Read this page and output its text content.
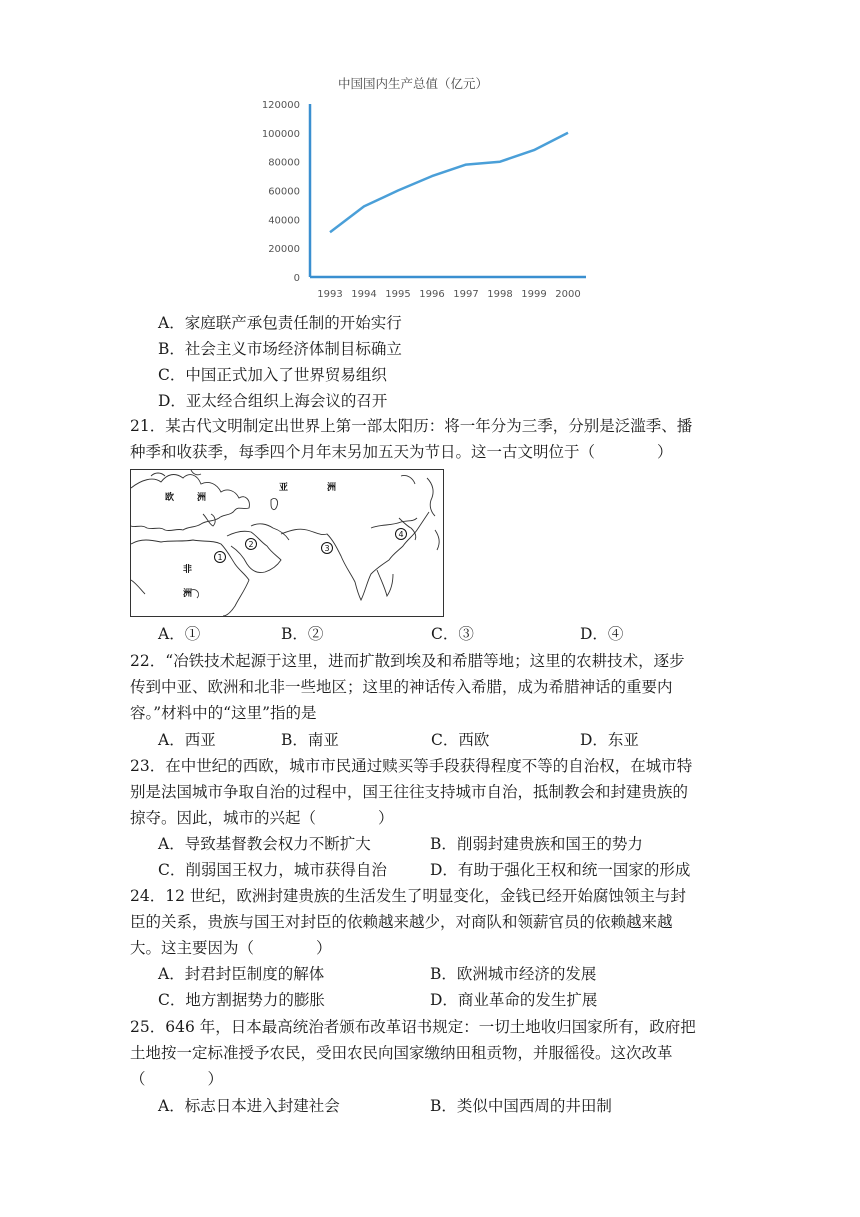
中国国内生产总值（亿元）
0
20000
40000
60000
80000
100000
120000
1993 1994 1995 1996 1997 1998 1999 2000
A．家庭联产承包责任制的开始实行
B．社会主义市场经济体制目标确立
C．中国正式加入了世界贸易组织
D．亚太经合组织上海会议的召开
21．某古代文明制定出世界上第一部太阳历：将一年分为三季，分别是泛滥季、播
种季和收获季，每季四个月年末另加五天为节日。这一古文明位于（　　　　）
亚	洲
欧	洲
非
洲
1
2	3
4
A．①	B．②	C．③	D．④
22．“冶铁技术起源于这里，进而扩散到埃及和希腊等地；这里的农耕技术，逐步
传到中亚、欧洲和北非一些地区；这里的神话传入希腊，成为希腊神话的重要内
容。”材料中的“这里”指的是
A．西亚	B．南亚	C．西欧	D．东亚
23．在中世纪的西欧，城市市民通过赎买等手段获得程度不等的自治权，在城市特
别是法国城市争取自治的过程中，国王往往支持城市自治，抵制教会和封建贵族的
掠夺。因此，城市的兴起（　　　　）
A．导致基督教会权力不断扩大	B．削弱封建贵族和国王的势力
C．削弱国王权力，城市获得自治	D．有助于强化王权和统一国家的形成
24．12 世纪，欧洲封建贵族的生活发生了明显变化，金钱已经开始腐蚀领主与封
臣的关系，贵族与国王对封臣的依赖越来越少，对商队和领薪官员的依赖越来越
大。这主要因为（　　　　）
A．封君封臣制度的解体	B．欧洲城市经济的发展
C．地方割据势力的膨胀	D．商业革命的发生扩展
25．646 年，日本最高统治者颁布改革诏书规定：一切土地收归国家所有，政府把
土地按一定标准授予农民，受田农民向国家缴纳田租贡物，并服徭役。这次改革
（　　　　）
A．标志日本进入封建社会	B．类似中国西周的井田制
